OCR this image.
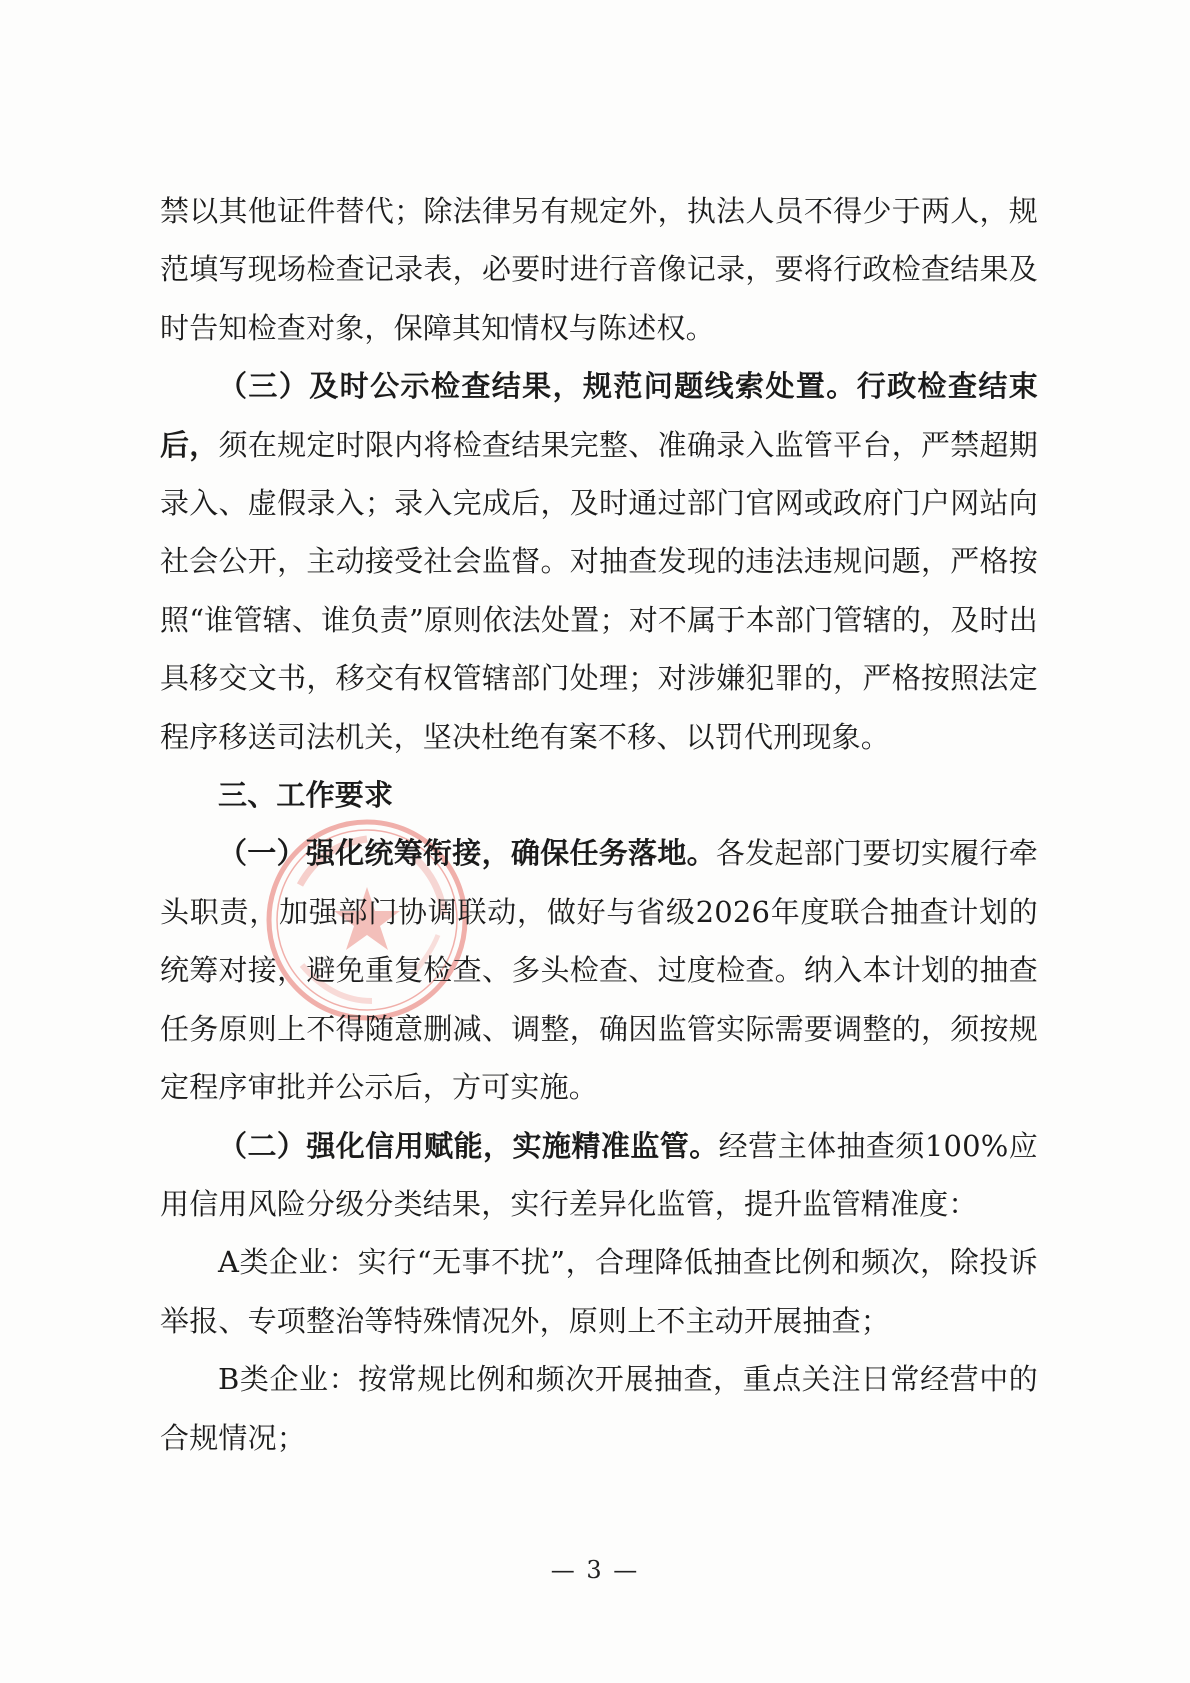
禁以其他证件替代；除法律另有规定外，执法人员不得少于两人，规范填写现场检查记录表，必要时进行音像记录，要将行政检查结果及时告知检查对象，保障其知情权与陈述权。

（三）及时公示检查结果，规范问题线索处置。行政检查结束后，须在规定时限内将检查结果完整、准确录入监管平台，严禁超期录入、虚假录入；录入完成后，及时通过部门官网或政府门户网站向社会公开，主动接受社会监督。对抽查发现的违法违规问题，严格按照“谁管辖、谁负责”原则依法处置；对不属于本部门管辖的，及时出具移交文书，移交有权管辖部门处理；对涉嫌犯罪的，严格按照法定程序移送司法机关，坚决杜绝有案不移、以罚代刑现象。

三、工作要求

（一）强化统筹衔接，确保任务落地。各发起部门要切实履行牵头职责，加强部门协调联动，做好与省级2026年度联合抽查计划的统筹对接，避免重复检查、多头检查、过度检查。纳入本计划的抽查任务原则上不得随意删减、调整，确因监管实际需要调整的，须按规定程序审批并公示后，方可实施。

（二）强化信用赋能，实施精准监管。经营主体抽查须100%应用信用风险分级分类结果，实行差异化监管，提升监管精准度：

A类企业：实行“无事不扰”，合理降低抽查比例和频次，除投诉举报、专项整治等特殊情况外，原则上不主动开展抽查；

B类企业：按常规比例和频次开展抽查，重点关注日常经营中的合规情况；

— 3 —
